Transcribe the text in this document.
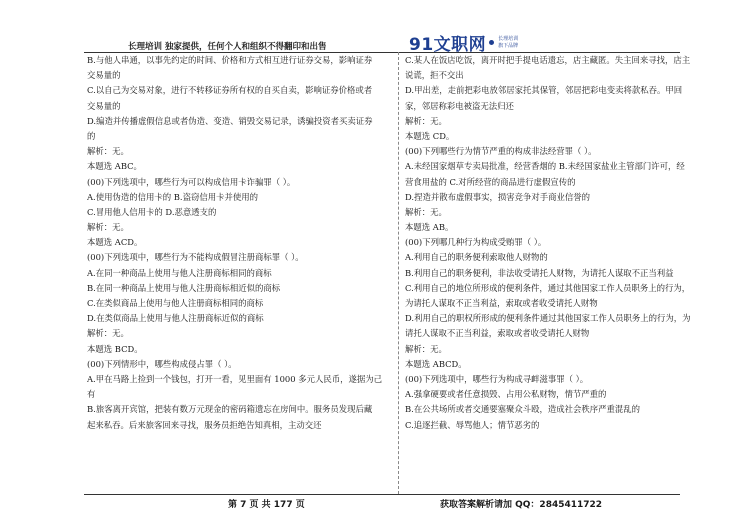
长理培训 独家提供，任何个人和组织不得翻印和出售	91文职网 长理培训
旗下品牌
B.与他人串通，以事先约定的时间、价格和方式相互进行证券交易，影响证券
交易量的
C.以自己为交易对象，进行不转移证券所有权的自买自卖，影响证券价格或者
交易量的
D.编造并传播虚假信息或者伪造、变造、销毁交易记录，诱骗投资者买卖证券
的
解析：无。
本题选 ABC。
(00)下列选项中，哪些行为可以构成信用卡诈骗罪（ ）。
A.使用伪造的信用卡的 B.盗窃信用卡并使用的
C.冒用他人信用卡的 D.恶意透支的
解析：无。
本题选 ACD。
(00)下列选项中，哪些行为不能构成假冒注册商标罪（ ）。
A.在同一种商品上使用与他人注册商标相同的商标
B.在同一种商品上使用与他人注册商标相近似的商标
C.在类似商品上使用与他人注册商标相同的商标
D.在类似商品上使用与他人注册商标近似的商标
解析：无。
本题选 BCD。
(00)下列情形中，哪些构成侵占罪（ ）。
A.甲在马路上捡到一个钱包，打开一看，见里面有 1000 多元人民币，遂据为己
有
B.旅客离开宾馆，把装有数万元现金的密码箱遗忘在房间中。服务员发现后藏
起来私吞。后来旅客回来寻找，服务员拒绝告知真相，主动交还
C.某人在饭店吃饭，离开时把手提电话遗忘，店主藏匿。失主回来寻找，店主
说谎，拒不交出
D.甲出差，走前把彩电放邻居家托其保管，邻居把彩电变卖将款私吞。甲回
家，邻居称彩电被盗无法归还
解析：无。
本题选 CD。
(00)下列哪些行为情节严重的构成非法经营罪（ ）。
A.未经国家烟草专卖局批准，经营香烟的 B.未经国家盐业主管部门许可，经
营食用盐的 C.对所经营的商品进行虚假宣传的
D.捏造并散布虚假事实，损害竞争对手商业信誉的
解析：无。
本题选 AB。
(00)下列哪几种行为构成受贿罪（ ）。
A.利用自己的职务便利索取他人财物的
B.利用自己的职务便利，非法收受请托人财物，为请托人谋取不正当利益
C.利用自己的地位所形成的便利条件，通过其他国家工作人员职务上的行为，
为请托人谋取不正当利益，索取或者收受请托人财物
D.利用自己的职权所形成的便利条件通过其他国家工作人员职务上的行为，为
请托人谋取不正当利益，索取或者收受请托人财物
解析：无。
本题选 ABCD。
(00)下列选项中，哪些行为构成寻衅滋事罪（ ）。
A.强拿硬要或者任意损毁、占用公私财物，情节严重的
B.在公共场所或者交通要塞聚众斗殴，造成社会秩序严重混乱的
C.追逐拦截、辱骂他人；情节恶劣的
第 7 页 共 177 页	获取答案解析请加 QQ：2845411722
